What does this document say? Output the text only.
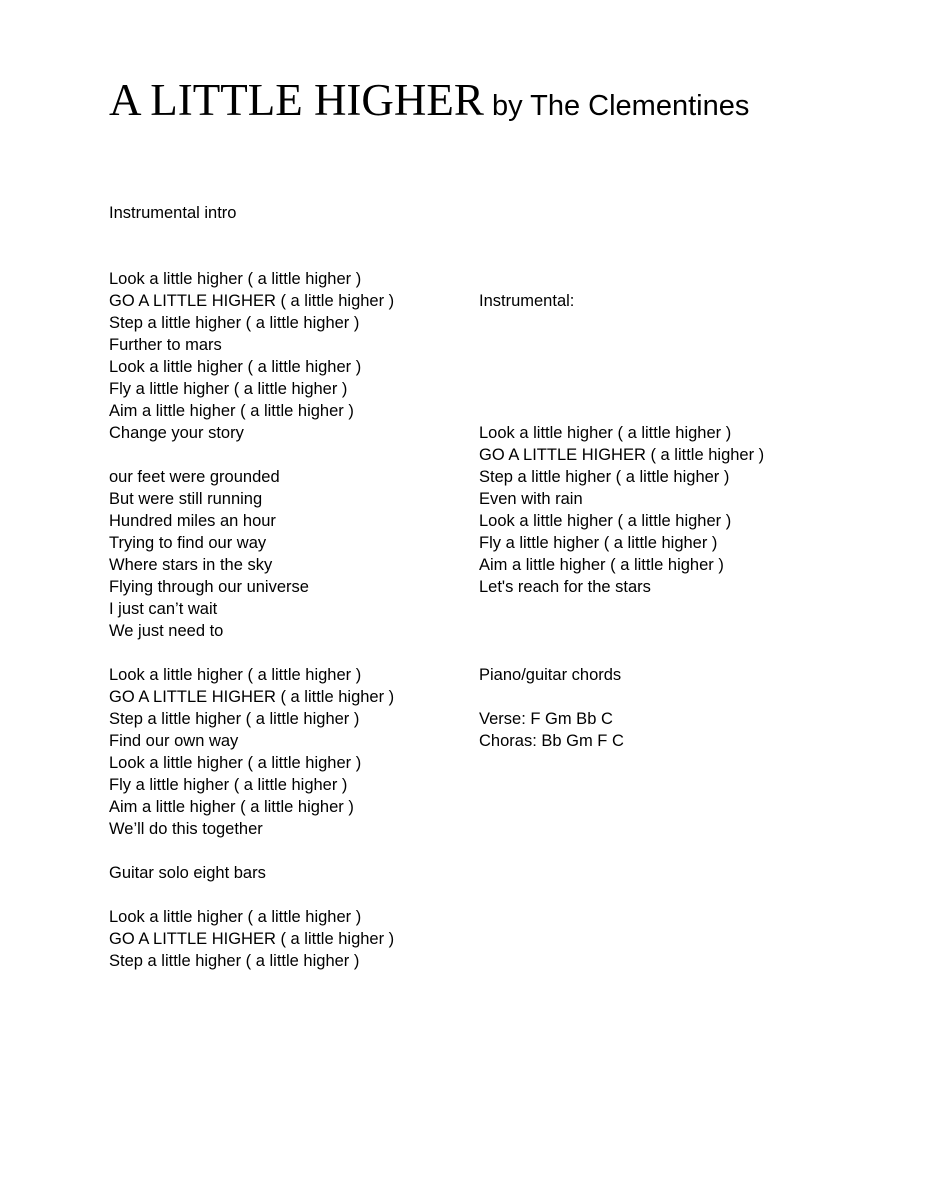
A LITTLE HIGHER by The Clementines
Instrumental intro
Look a little higher ( a little higher )
GO A LITTLE HIGHER ( a little higher )
Step a little higher ( a little higher )
Further to mars
Look a little higher ( a little higher )
Fly a little higher ( a little higher )
Aim a little higher ( a little higher )
Change your story
our feet were grounded
But were still running
Hundred miles an hour
Trying to find our way
Where stars in the sky
Flying through our universe
I just can’t wait
We just need to
Look a little higher ( a little higher )
GO A LITTLE HIGHER ( a little higher )
Step a little higher ( a little higher )
Find our own way
Look a little higher ( a little higher )
Fly a little higher ( a little higher )
Aim a little higher ( a little higher )
We’ll do this together
Guitar solo eight bars
Look a little higher ( a little higher )
GO A LITTLE HIGHER ( a little higher )
Step a little higher ( a little higher )
Instrumental:
Look a little higher ( a little higher )
GO A LITTLE HIGHER ( a little higher )
Step a little higher ( a little higher )
Even with rain
Look a little higher ( a little higher )
Fly a little higher ( a little higher )
Aim a little higher ( a little higher )
Let's reach for the stars
Piano/guitar chords
Verse: F Gm Bb C
Choras: Bb Gm F C
